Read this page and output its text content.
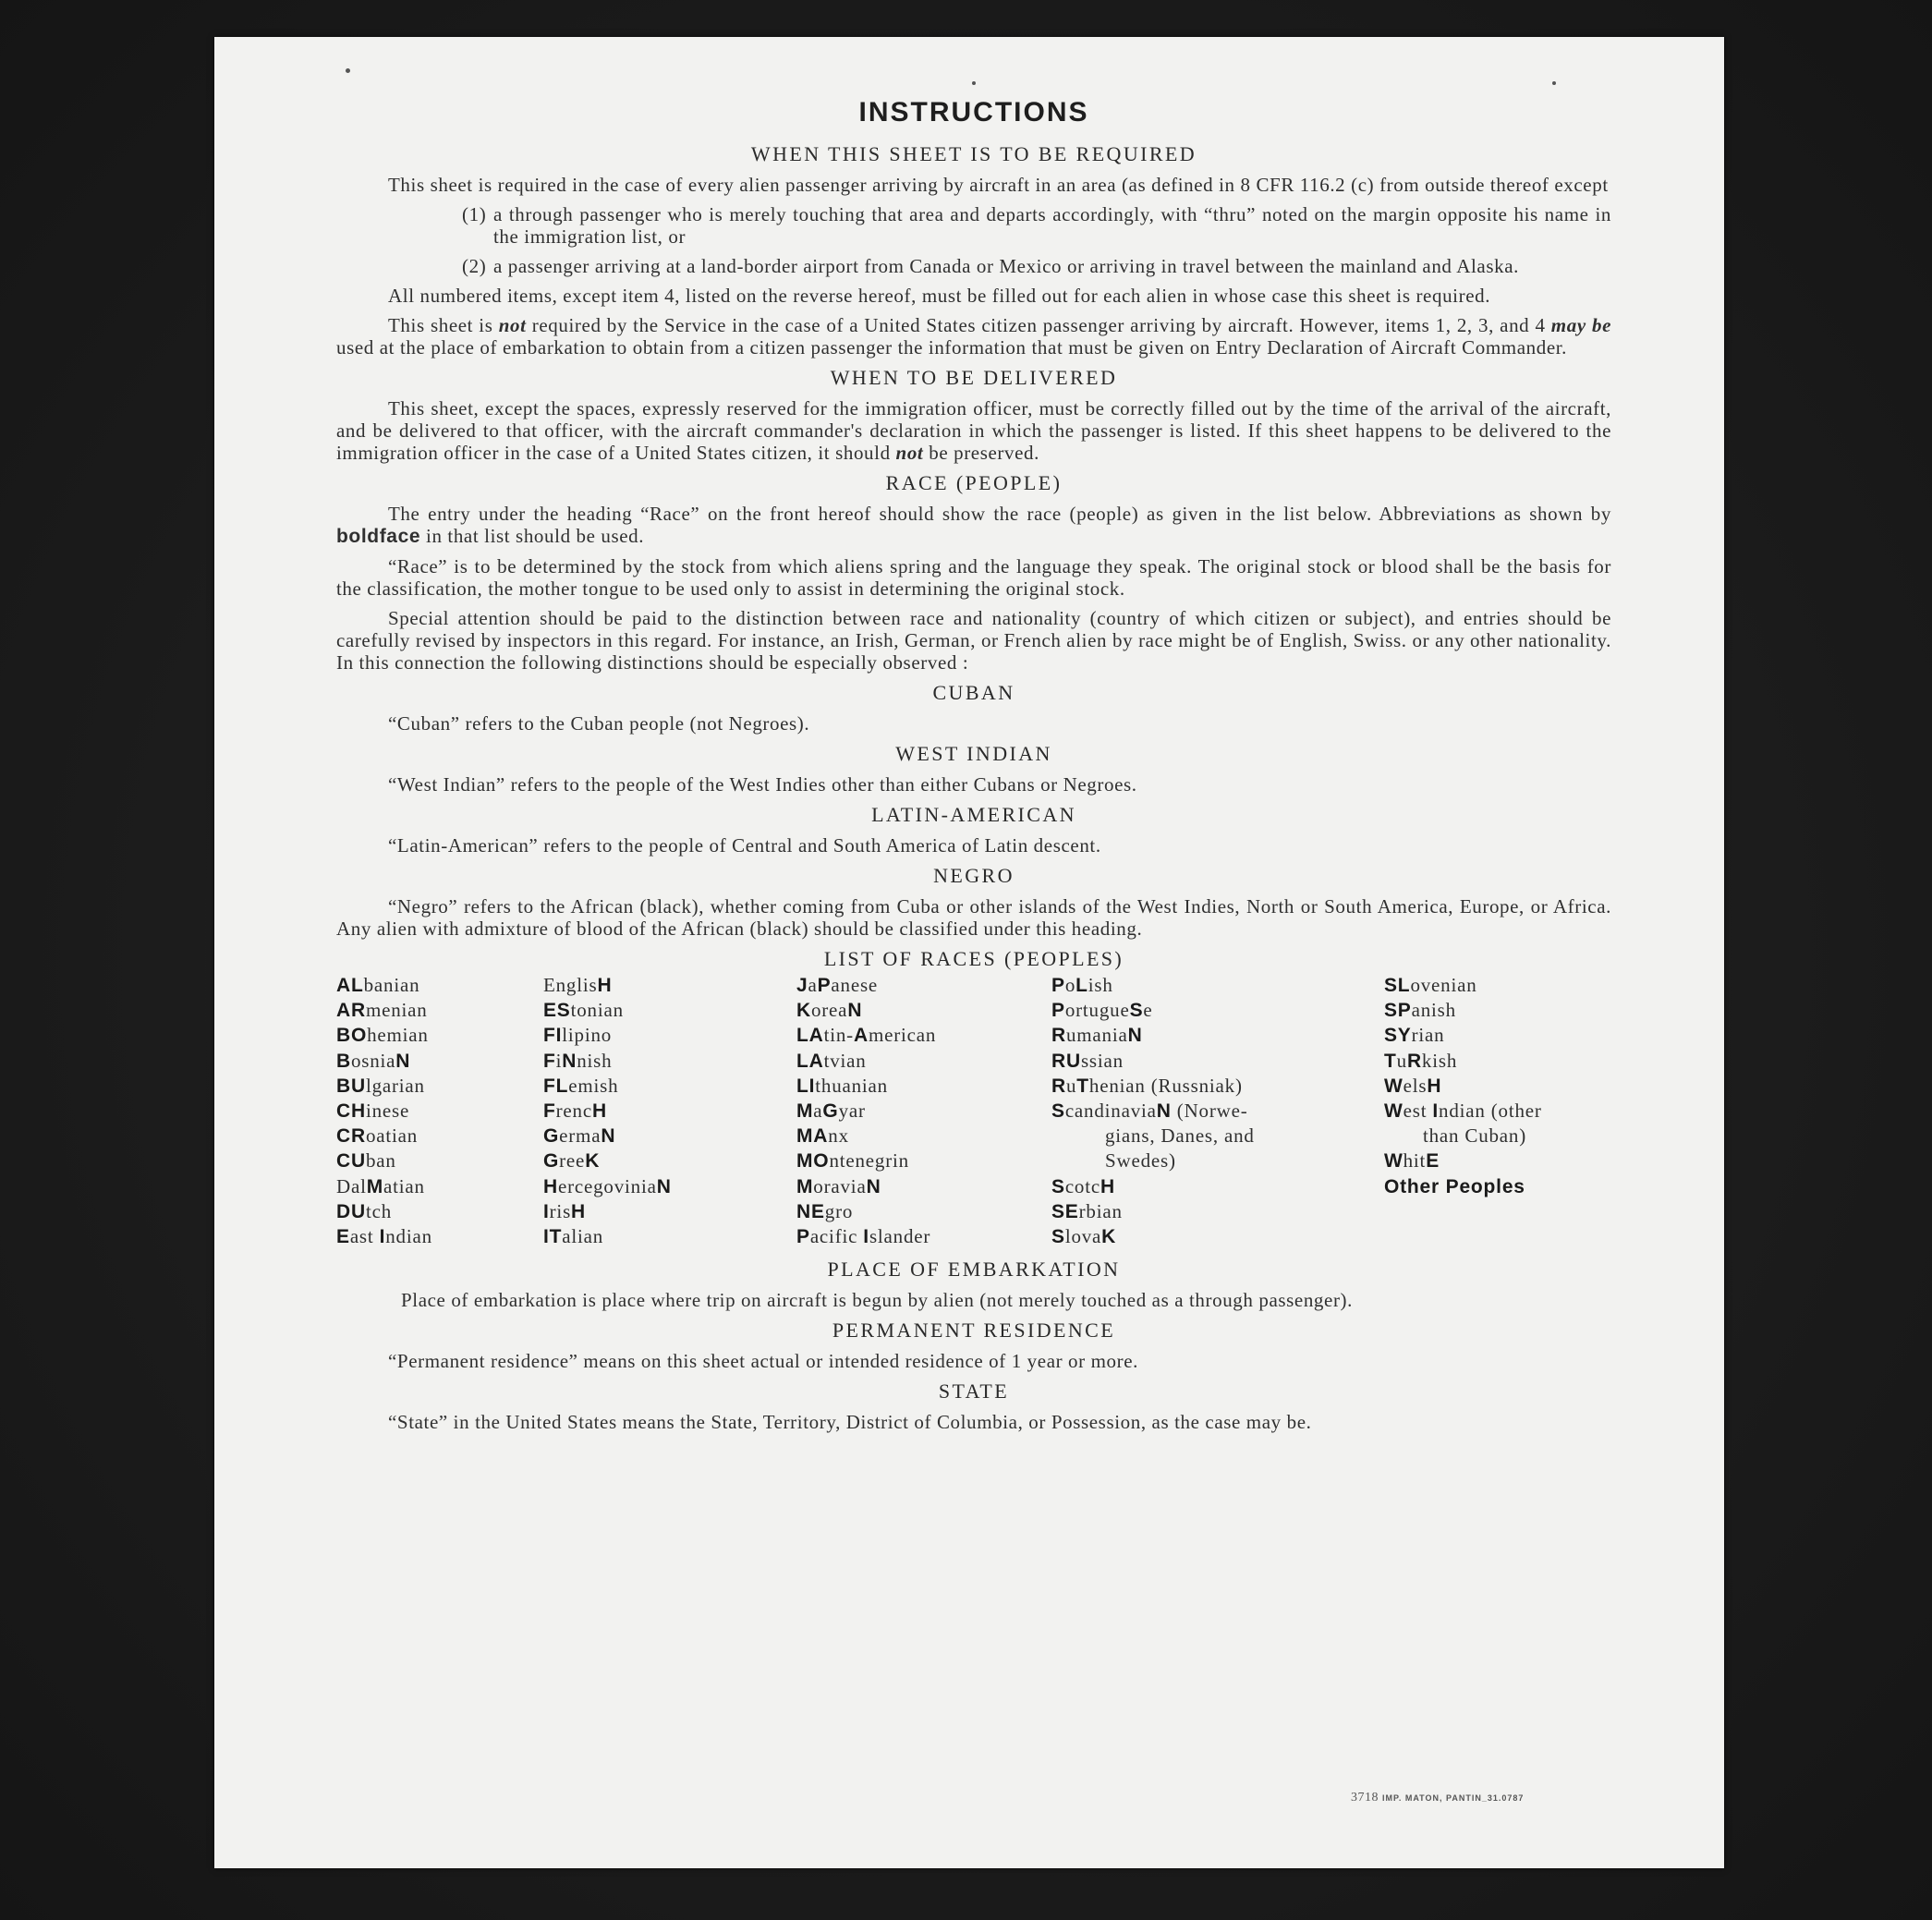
INSTRUCTIONS
WHEN THIS SHEET IS TO BE REQUIRED

This sheet is required in the case of every alien passenger arriving by aircraft in an area (as defined in 8 CFR 116.2 (c) from outside thereof except

(1) a through passenger who is merely touching that area and departs accordingly, with “thru” noted on the margin opposite his name in the immigration list, or
(2) a passenger arriving at a land-border airport from Canada or Mexico or arriving in travel between the mainland and Alaska.

All numbered items, except item 4, listed on the reverse hereof, must be filled out for each alien in whose case this sheet is required.

This sheet is not required by the Service in the case of a United States citizen passenger arriving by aircraft. However, items 1, 2, 3, and 4 may be used at the place of embarkation to obtain from a citizen passenger the information that must be given on Entry Declaration of Aircraft Commander.

WHEN TO BE DELIVERED

This sheet, except the spaces, expressly reserved for the immigration officer, must be correctly filled out by the time of the arrival of the aircraft, and be delivered to that officer, with the aircraft commander's declaration in which the passenger is listed. If this sheet happens to be delivered to the immigration officer in the case of a United States citizen, it should not be preserved.

RACE (PEOPLE)

The entry under the heading “Race” on the front hereof should show the race (people) as given in the list below. Abbreviations as shown by boldface in that list should be used.

“Race” is to be determined by the stock from which aliens spring and the language they speak. The original stock or blood shall be the basis for the classification, the mother tongue to be used only to assist in determining the original stock.

Special attention should be paid to the distinction between race and nationality (country of which citizen or subject), and entries should be carefully revised by inspectors in this regard. For instance, an Irish, German, or French alien by race might be of English, Swiss. or any other nationality. In this connection the following distinctions should be especially observed :

CUBAN

“Cuban” refers to the Cuban people (not Negroes).

WEST INDIAN

“West Indian” refers to the people of the West Indies other than either Cubans or Negroes.

LATIN-AMERICAN

“Latin-American” refers to the people of Central and South America of Latin descent.

NEGRO

“Negro” refers to the African (black), whether coming from Cuba or other islands of the West Indies, North or South America, Europe, or Africa. Any alien with admixture of blood of the African (black) should be classified under this heading.

LIST OF RACES (PEOPLES)
ALbanian
ARmenian
BOhemian
BosniaN
BUlgarian
CHinese
CRoatian
CUban
DalMatian
DUtch
East Indian
EnglisH
EStonian
FIlipino
FiNnish
FLemish
FrencH
GermaN
GreeK
HercegoviniaN
IrisH
ITalian
JaPanese
KoreaN
LAtin-American
LAtvian
LIthuanian
MaGyar
MAnx
MOntenegrin
MoraviaN
NEgro
Pacific Islander
PoLish
PortugueSe
RumaniaN
RUssian
RuThenian (Russniak)
ScandinaviaN (Norwe-
gians, Danes, and
Swedes)
ScotcH
SErbian
SlovaK
SLovenian
SPanish
SYrian
TuRkish
WelsH
West Indian (other
than Cuban)
WhitE
Other Peoples
PLACE OF EMBARKATION

Place of embarkation is place where trip on aircraft is begun by alien (not merely touched as a through passenger).

PERMANENT RESIDENCE

“Permanent residence” means on this sheet actual or intended residence of 1 year or more.

STATE

“State” in the United States means the State, Territory, District of Columbia, or Possession, as the case may be.

3718 IMP. MATON, PANTIN_31.0787
